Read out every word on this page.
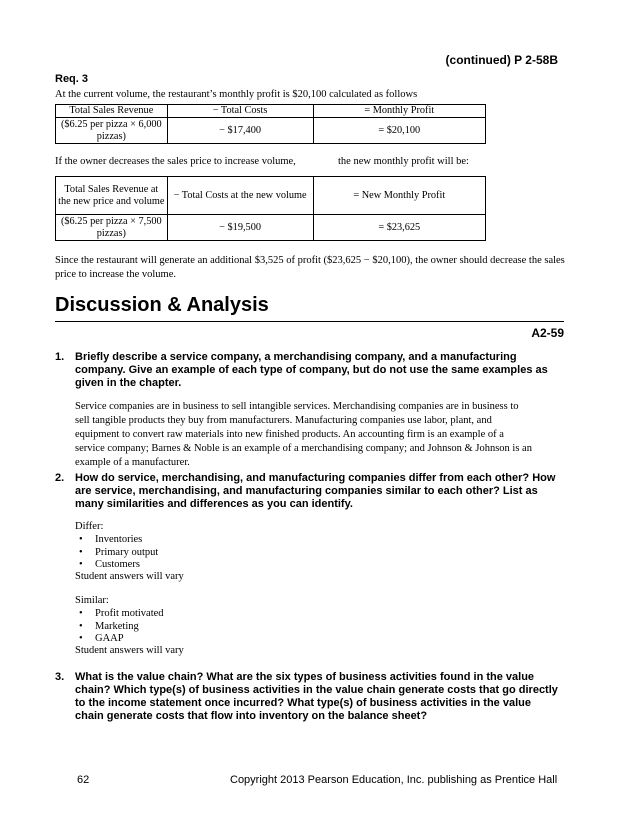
(continued) P 2-58B
Req. 3
At the current volume, the restaurant’s monthly profit is $20,100 calculated as follows
Total Sales Revenue	− Total Costs	= Monthly Profit
($6.25 per pizza × 6,000 pizzas)	− $17,400	= $20,100
If the owner decreases the sales price to increase volume,	the new monthly profit will be:
Total Sales Revenue at the new price and volume	− Total Costs at the new volume	= New Monthly Profit
($6.25 per pizza × 7,500 pizzas)	− $19,500	= $23,625
Since the restaurant will generate an additional $3,525 of profit ($23,625 − $20,100), the owner should decrease the sales price to increase the volume.
Discussion & Analysis
A2-59
1. Briefly describe a service company, a merchandising company, and a manufacturing company. Give an example of each type of company, but do not use the same examples as given in the chapter.
Service companies are in business to sell intangible services. Merchandising companies are in business to sell tangible products they buy from manufacturers. Manufacturing companies use labor, plant, and equipment to convert raw materials into new finished products. An accounting firm is an example of a service company; Barnes & Noble is an example of a merchandising company; and Johnson & Johnson is an example of a manufacturer.
2. How do service, merchandising, and manufacturing companies differ from each other? How are service, merchandising, and manufacturing companies similar to each other? List as many similarities and differences as you can identify.
Differ:
• Inventories
• Primary output
• Customers
Student answers will vary
Similar:
• Profit motivated
• Marketing
• GAAP
Student answers will vary
3. What is the value chain? What are the six types of business activities found in the value chain? Which type(s) of business activities in the value chain generate costs that go directly to the income statement once incurred? What type(s) of business activities in the value chain generate costs that flow into inventory on the balance sheet?
62	Copyright 2013 Pearson Education, Inc. publishing as Prentice Hall
